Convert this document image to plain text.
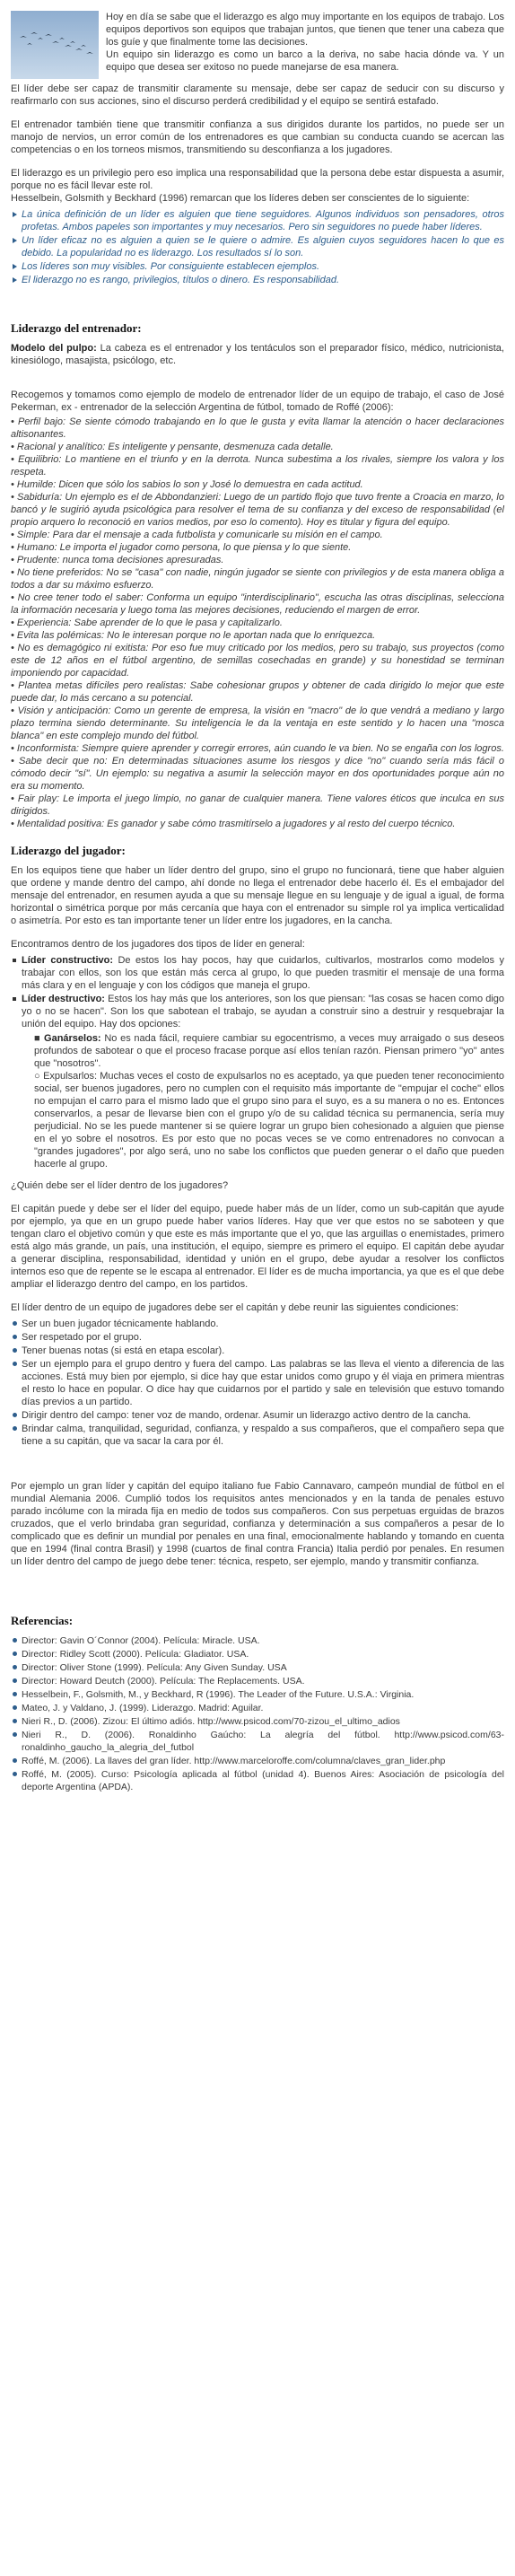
Hoy en día se sabe que el liderazgo es algo muy importante en los equipos de trabajo. Los equipos deportivos son equipos que trabajan juntos, que tienen que tener una cabeza que los guíe y que finalmente tome las decisiones.

Un equipo sin liderazgo es como un barco a la deriva, no sabe hacia dónde va. Y un equipo que desea ser exitoso no puede manejarse de esa manera.

El líder debe ser capaz de transmitir claramente su mensaje, debe ser capaz de seducir con su discurso y reafirmarlo con sus acciones, sino el discurso perderá credibilidad y el equipo se sentirá estafado.

El entrenador también tiene que transmitir confianza a sus dirigidos durante los partidos, no puede ser un manojo de nervios, un error común de los entrenadores es que cambian su conducta cuando se acercan las competencias o en los torneos mismos, transmitiendo su desconfianza a los jugadores.

El liderazgo es un privilegio pero eso implica una responsabilidad que la persona debe estar dispuesta a asumir, porque no es fácil llevar este rol.

Hesselbein, Golsmith y Beckhard (1996) remarcan que los líderes deben ser conscientes de lo siguiente:

La única definición de un líder es alguien que tiene seguidores. Algunos individuos son pensadores, otros profetas. Ambos papeles son importantes y muy necesarios. Pero sin seguidores no puede haber líderes.
Un líder eficaz no es alguien a quien se le quiere o admire. Es alguien cuyos seguidores hacen lo que es debido. La popularidad no es liderazgo. Los resultados sí lo son.
Los líderes son muy visibles. Por consiguiente establecen ejemplos.
El liderazgo no es rango, privilegios, títulos o dinero. Es responsabilidad.
Liderazgo del entrenador:

Modelo del pulpo: La cabeza es el entrenador y los tentáculos son el preparador físico, médico, nutricionista, kinesiólogo, masajista, psicólogo, etc.

Recogemos y tomamos como ejemplo de modelo de entrenador líder de un equipo de trabajo, el caso de José Pekerman, ex - entrenador de la selección Argentina de fútbol, tomado de Roffé (2006):

• Perfil bajo: Se siente cómodo trabajando en lo que le gusta y evita llamar la atención o hacer declaraciones altisonantes.
• Racional y analítico: Es inteligente y pensante, desmenuza cada detalle.
• Equilibrio: Lo mantiene en el triunfo y en la derrota. Nunca subestima a los rivales, siempre los valora y los respeta.
• Humilde: Dicen que sólo los sabios lo son y José lo demuestra en cada actitud.
• Sabiduría: Un ejemplo es el de Abbondanzieri: Luego de un partido flojo que tuvo frente a Croacia en marzo, lo bancó y le sugirió ayuda psicológica para resolver el tema de su confianza y del exceso de responsabilidad (el propio arquero lo reconoció en varios medios, por eso lo comento). Hoy es titular y figura del equipo.
• Simple: Para dar el mensaje a cada futbolista y comunicarle su misión en el campo.
• Humano: Le importa el jugador como persona, lo que piensa y lo que siente.
• Prudente: nunca toma decisiones apresuradas.
• No tiene preferidos: No se "casa" con nadie, ningún jugador se siente con privilegios y de esta manera obliga a todos a dar su máximo esfuerzo.
• No cree tener todo el saber: Conforma un equipo "interdisciplinario", escucha las otras disciplinas, selecciona la información necesaria y luego toma las mejores decisiones, reduciendo el margen de error.
• Experiencia: Sabe aprender de lo que le pasa y capitalizarlo.
• Evita las polémicas: No le interesan porque no le aportan nada que lo enriquezca.
• No es demagógico ni exitista: Por eso fue muy criticado por los medios, pero su trabajo, sus proyectos (como este de 12 años en el fútbol argentino, de semillas cosechadas en grande) y su honestidad se terminan imponiendo por capacidad.
• Plantea metas difíciles pero realistas: Sabe cohesionar grupos y obtener de cada dirigido lo mejor que este puede dar, lo más cercano a su potencial.
• Visión y anticipación: Como un gerente de empresa, la visión en "macro" de lo que vendrá a mediano y largo plazo termina siendo determinante. Su inteligencia le da la ventaja en este sentido y lo hacen una "mosca blanca" en este complejo mundo del fútbol.
• Inconformista: Siempre quiere aprender y corregir errores, aún cuando le va bien. No se engaña con los logros.
• Sabe decir que no: En determinadas situaciones asume los riesgos y dice "no" cuando sería más fácil o cómodo decir "sí". Un ejemplo: su negativa a asumir la selección mayor en dos oportunidades porque aún no era su momento.
• Fair play: Le importa el juego limpio, no ganar de cualquier manera. Tiene valores éticos que inculca en sus dirigidos.
• Mentalidad positiva: Es ganador y sabe cómo trasmitírselo a jugadores y al resto del cuerpo técnico.
Liderazgo del jugador:

En los equipos tiene que haber un líder dentro del grupo, sino el grupo no funcionará, tiene que haber alguien que ordene y mande dentro del campo, ahí donde no llega el entrenador debe hacerlo él. Es el embajador del mensaje del entrenador, en resumen ayuda a que su mensaje llegue en su lenguaje y de igual a igual, de forma horizontal o simétrica porque por más cercanía que haya con el entrenador su simple rol ya implica verticalidad o asimetría. Por esto es tan importante tener un líder entre los jugadores, en la cancha.

Encontramos dentro de los jugadores dos tipos de líder en general:

Líder constructivo: De estos los hay pocos, hay que cuidarlos, cultivarlos, mostrarlos como modelos y trabajar con ellos, son los que están más cerca al grupo, lo que pueden trasmitir el mensaje de una forma más clara y en el lenguaje y con los códigos que maneja el grupo.
Líder destructivo: Estos los hay más que los anteriores, son los que piensan: "las cosas se hacen como digo yo o no se hacen". Son los que sabotean el trabajo, se ayudan a construir sino a destruir y resquebrajar la unión del equipo. Hay dos opciones:
■ Ganárselos: No es nada fácil, requiere cambiar su egocentrismo, a veces muy arraigado o sus deseos profundos de sabotear o que el proceso fracase porque así ellos tenían razón. Piensan primero "yo" antes que "nosotros".
○ Expulsarlos: Muchas veces el costo de expulsarlos no es aceptado, ya que pueden tener reconocimiento social, ser buenos jugadores, pero no cumplen con el requisito más importante de "empujar el coche" ellos no empujan el carro para el mismo lado que el grupo sino para el suyo, es a su manera o no es. Entonces conservarlos, a pesar de llevarse bien con el grupo y/o de su calidad técnica su permanencia, sería muy perjudicial. No se les puede mantener si se quiere lograr un grupo bien cohesionado a alguien que piense en el yo sobre el nosotros. Es por esto que no pocas veces se ve como entrenadores no convocan a "grandes jugadores", por algo será, uno no sabe los conflictos que pueden generar o el daño que pueden hacerle al grupo.

¿Quién debe ser el líder dentro de los jugadores?

El capitán puede y debe ser el líder del equipo, puede haber más de un líder, como un sub-capitán que ayude por ejemplo, ya que en un grupo puede haber varios líderes. Hay que ver que estos no se saboteen y que tengan claro el objetivo común y que este es más importante que el yo, que las arguillas o enemistades, primero está algo más grande, un país, una institución, el equipo, siempre es primero el equipo. El capitán debe ayudar a generar disciplina, responsabilidad, identidad y unión en el grupo, debe ayudar a resolver los conflictos internos eso que de repente se le escapa al entrenador. El líder es de mucha importancia, ya que es el que debe ampliar el liderazgo dentro del campo, en los partidos.

El líder dentro de un equipo de jugadores debe ser el capitán y debe reunir las siguientes condiciones:

Ser un buen jugador técnicamente hablando.
Ser respetado por el grupo.
Tener buenas notas (si está en etapa escolar).
Ser un ejemplo para el grupo dentro y fuera del campo. Las palabras se las lleva el viento a diferencia de las acciones. Está muy bien por ejemplo, si dice hay que estar unidos como grupo y él viaja en primera mientras el resto lo hace en popular. O dice hay que cuidarnos por el partido y sale en televisión que estuvo tomando días previos a un partido.
Dirigir dentro del campo: tener voz de mando, ordenar. Asumir un liderazgo activo dentro de la cancha.
Brindar calma, tranquilidad, seguridad, confianza, y respaldo a sus compañeros, que el compañero sepa que tiene a su capitán, que va sacar la cara por él.

Por ejemplo un gran líder y capitán del equipo italiano fue Fabio Cannavaro, campeón mundial de fútbol en el mundial Alemania 2006. Cumplió todos los requisitos antes mencionados y en la tanda de penales estuvo parado incólume con la mirada fija en medio de todos sus compañeros. Con sus perpetuas erguidas de brazos cruzados, que el verlo brindaba gran seguridad, confianza y determinación a sus compañeros a pesar de lo complicado que es definir un mundial por penales en una final, emocionalmente hablando y tomando en cuenta que en 1994 (final contra Brasil) y 1998 (cuartos de final contra Francia) Italia perdió por penales. En resumen un líder dentro del campo de juego debe tener: técnica, respeto, ser ejemplo, mando y transmitir confianza.

Referencias:
Director: Gavin O´Connor (2004). Película: Miracle. USA.
Director: Ridley Scott (2000). Película: Gladiator. USA.
Director: Oliver Stone (1999). Película: Any Given Sunday. USA
Director: Howard Deutch (2000). Película: The Replacements. USA.
Hesselbein, F., Golsmith, M., y Beckhard, R (1996). The Leader of the Future. U.S.A.: Virginia.
Mateo, J. y Valdano, J. (1999). Liderazgo. Madrid: Aguilar.
Nieri R., D. (2006). Zizou: El último adiós. http://www.psicod.com/70-zizou_el_ultimo_adios
Nieri R., D. (2006). Ronaldinho Gaúcho: La alegría del fútbol. http://www.psicod.com/63-ronaldinho_gaucho_la_alegria_del_futbol
Roffé, M. (2006). La llaves del gran líder. http://www.marceloroffe.com/columna/claves_gran_lider.php
Roffé, M. (2005). Curso: Psicología aplicada al fútbol (unidad 4). Buenos Aires: Asociación de psicología del deporte Argentina (APDA).
